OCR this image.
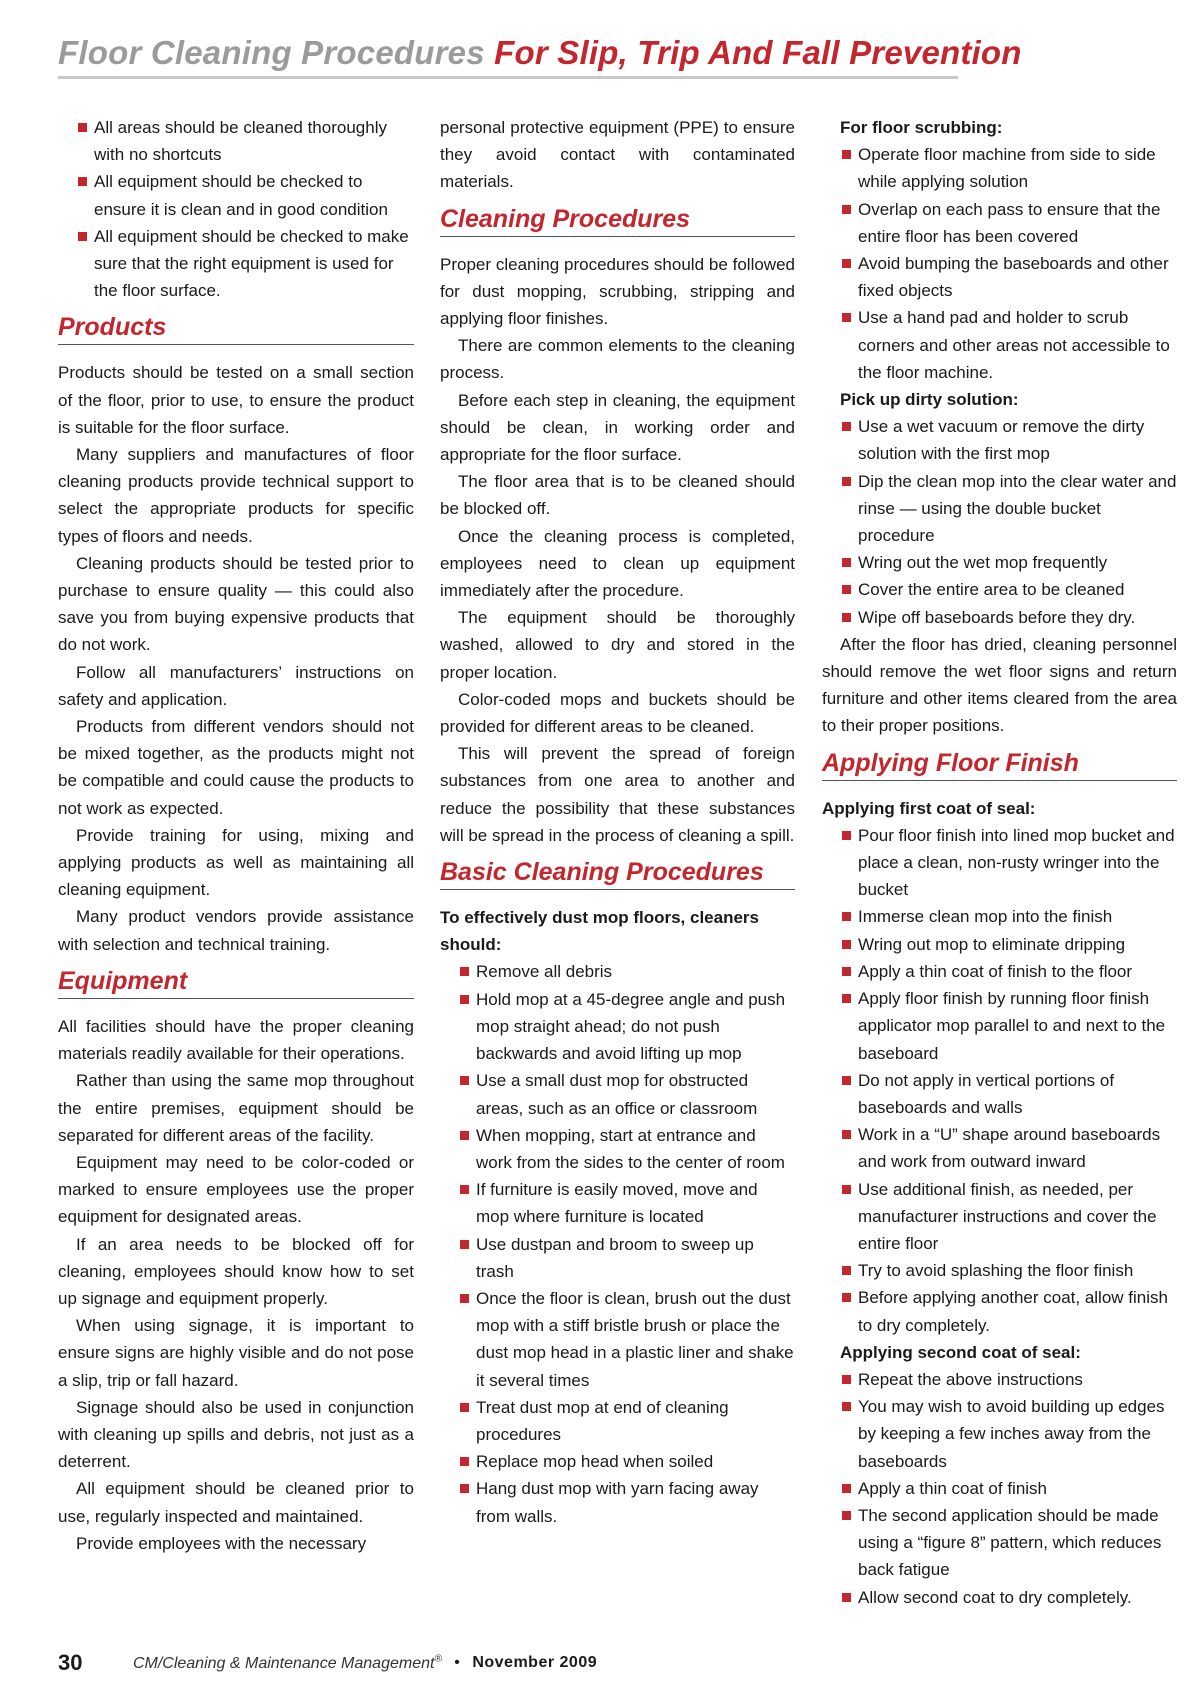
Floor Cleaning Procedures For Slip, Trip And Fall Prevention
All areas should be cleaned thoroughly with no shortcuts
All equipment should be checked to ensure it is clean and in good condition
All equipment should be checked to make sure that the right equipment is used for the floor surface.
Products

Products should be tested on a small section of the floor, prior to use, to ensure the product is suitable for the floor surface.

Many suppliers and manufactures of floor cleaning products provide technical support to select the appropriate products for specific types of floors and needs.

Cleaning products should be tested prior to purchase to ensure quality — this could also save you from buying expensive products that do not work.

Follow all manufacturers’ instructions on safety and application.

Products from different vendors should not be mixed together, as the products might not be compatible and could cause the products to not work as expected.

Provide training for using, mixing and applying products as well as maintaining all cleaning equipment.

Many product vendors provide assistance with selection and technical training.

Equipment

All facilities should have the proper cleaning materials readily available for their operations.

Rather than using the same mop throughout the entire premises, equipment should be separated for different areas of the facility.

Equipment may need to be color-coded or marked to ensure employees use the proper equipment for designated areas.

If an area needs to be blocked off for cleaning, employees should know how to set up signage and equipment properly.

When using signage, it is important to ensure signs are highly visible and do not pose a slip, trip or fall hazard.

Signage should also be used in conjunction with cleaning up spills and debris, not just as a deterrent.

All equipment should be cleaned prior to use, regularly inspected and maintained.

Provide employees with the necessary

personal protective equipment (PPE) to ensure they avoid contact with contaminated materials.

Cleaning Procedures

Proper cleaning procedures should be followed for dust mopping, scrubbing, stripping and applying floor finishes.

There are common elements to the cleaning process.

Before each step in cleaning, the equipment should be clean, in working order and appropriate for the floor surface.

The floor area that is to be cleaned should be blocked off.

Once the cleaning process is completed, employees need to clean up equipment immediately after the procedure.

The equipment should be thoroughly washed, allowed to dry and stored in the proper location.

Color-coded mops and buckets should be provided for different areas to be cleaned.

This will prevent the spread of foreign substances from one area to another and reduce the possibility that these substances will be spread in the process of cleaning a spill.

Basic Cleaning Procedures
To effectively dust mop floors, cleaners should:
Remove all debris
Hold mop at a 45-degree angle and push mop straight ahead; do not push backwards and avoid lifting up mop
Use a small dust mop for obstructed areas, such as an office or classroom
When mopping, start at entrance and work from the sides to the center of room
If furniture is easily moved, move and mop where furniture is located
Use dustpan and broom to sweep up trash
Once the floor is clean, brush out the dust mop with a stiff bristle brush or place the dust mop head in a plastic liner and shake it several times
Treat dust mop at end of cleaning procedures
Replace mop head when soiled
Hang dust mop with yarn facing away from walls.
For floor scrubbing:
Operate floor machine from side to side while applying solution
Overlap on each pass to ensure that the entire floor has been covered
Avoid bumping the baseboards and other fixed objects
Use a hand pad and holder to scrub corners and other areas not accessible to the floor machine.
Pick up dirty solution:
Use a wet vacuum or remove the dirty solution with the first mop
Dip the clean mop into the clear water and rinse — using the double bucket procedure
Wring out the wet mop frequently
Cover the entire area to be cleaned
Wipe off baseboards before they dry.

After the floor has dried, cleaning personnel should remove the wet floor signs and return furniture and other items cleared from the area to their proper positions.

Applying Floor Finish
Applying first coat of seal:
Pour floor finish into lined mop bucket and place a clean, non-rusty wringer into the bucket
Immerse clean mop into the finish
Wring out mop to eliminate dripping
Apply a thin coat of finish to the floor
Apply floor finish by running floor finish applicator mop parallel to and next to the baseboard
Do not apply in vertical portions of baseboards and walls
Work in a “U” shape around baseboards and work from outward inward
Use additional finish, as needed, per manufacturer instructions and cover the entire floor
Try to avoid splashing the floor finish
Before applying another coat, allow finish to dry completely.
Applying second coat of seal:
Repeat the above instructions
You may wish to avoid building up edges by keeping a few inches away from the baseboards
Apply a thin coat of finish
The second application should be made using a “figure 8” pattern, which reduces back fatigue
Allow second coat to dry completely.
30	CM/Cleaning & Maintenance Management® • November 2009
